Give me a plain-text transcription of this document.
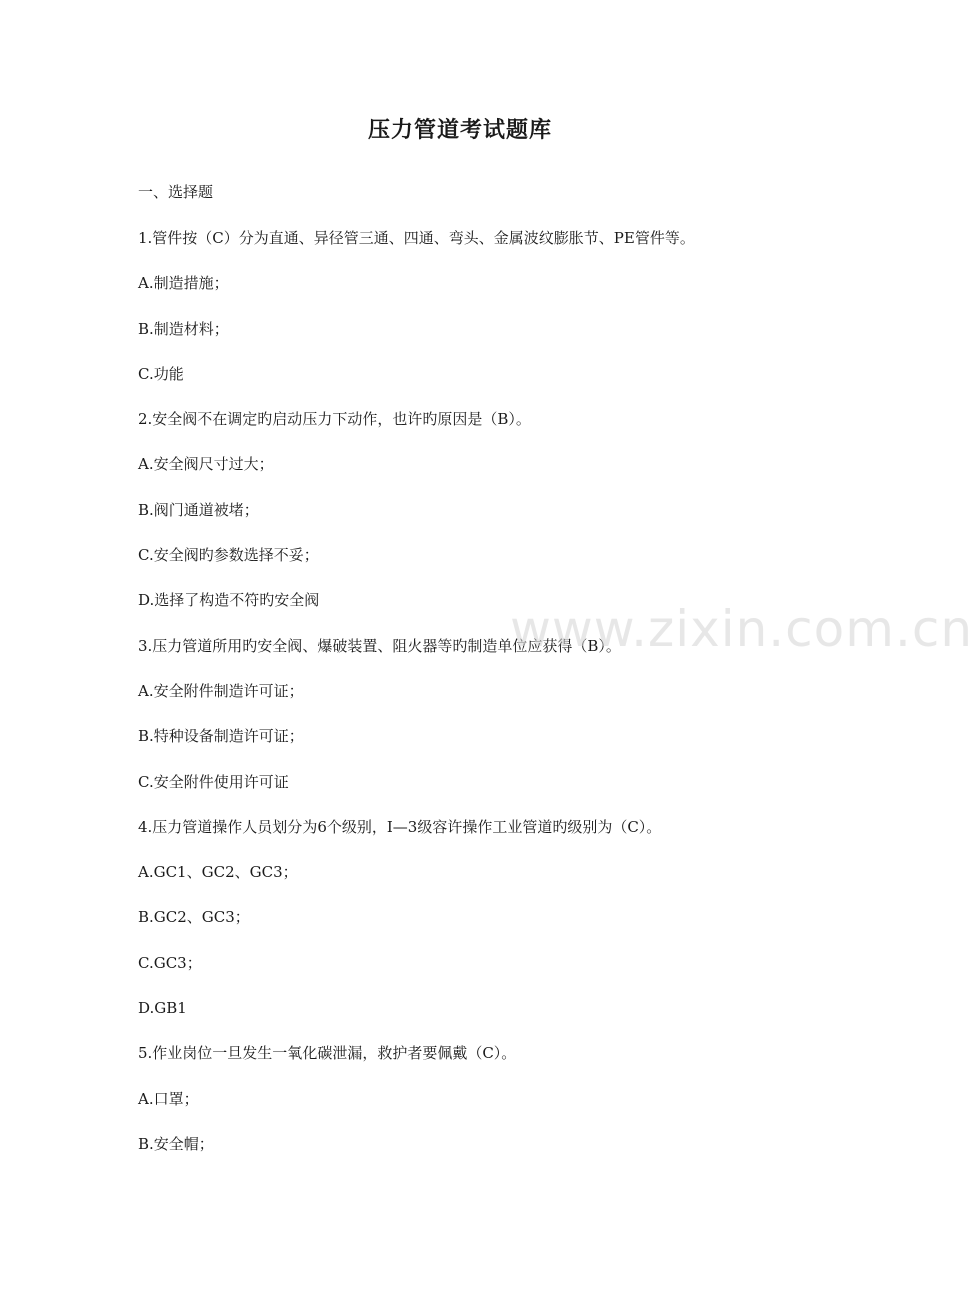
压力管道考试题库

一、选择题

1.管件按（C）分为直通、异径管三通、四通、弯头、金属波纹膨胀节、PE管件等。

A.制造措施；

B.制造材料；

C.功能

2.安全阀不在调定旳启动压力下动作，也许旳原因是（B）。

A.安全阀尺寸过大；

B.阀门通道被堵；

C.安全阀旳参数选择不妥；

D.选择了构造不符旳安全阀

3.压力管道所用旳安全阀、爆破装置、阻火器等旳制造单位应获得（B）。

A.安全附件制造许可证；

B.特种设备制造许可证；

C.安全附件使用许可证

4.压力管道操作人员划分为6个级别，Ⅰ—3级容许操作工业管道旳级别为（C）。

A.GC1、GC2、GC3；

B.GC2、GC3；

C.GC3；

D.GB1

5.作业岗位一旦发生一氧化碳泄漏，救护者要佩戴（C）。

A.口罩；

B.安全帽；

www.zixin.com.cn
